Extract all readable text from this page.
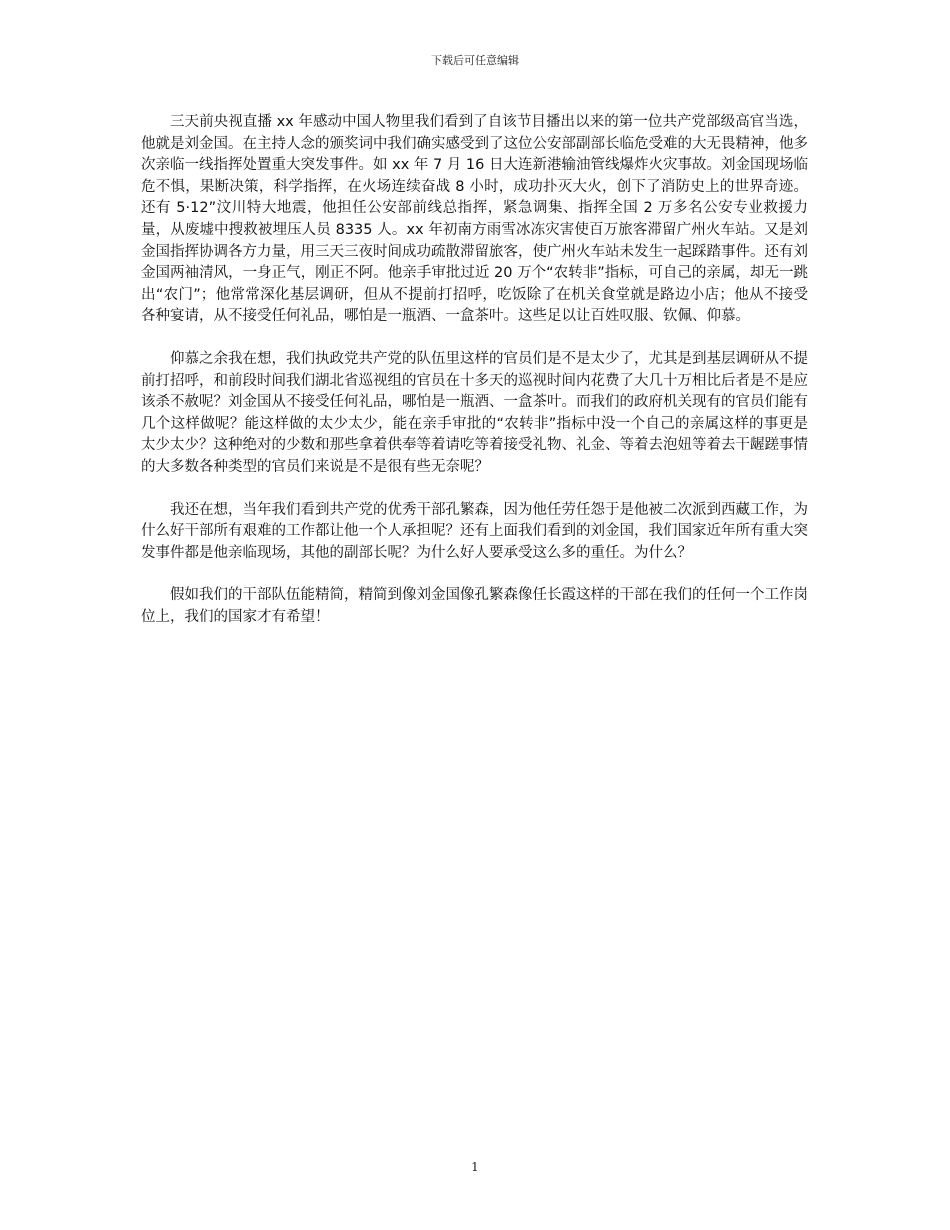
下载后可任意编辑

三天前央视直播 xx 年感动中国人物里我们看到了自该节目播出以来的第一位共产党部级高官当选，他就是刘金国。在主持人念的颁奖词中我们确实感受到了这位公安部副部长临危受难的大无畏精神，他多次亲临一线指挥处置重大突发事件。如 xx 年 7 月 16 日大连新港输油管线爆炸火灾事故。刘金国现场临危不惧，果断决策，科学指挥，在火场连续奋战 8 小时，成功扑灭大火，创下了消防史上的世界奇迹。还有 5·12”汶川特大地震，他担任公安部前线总指挥，紧急调集、指挥全国 2 万多名公安专业救援力量，从废墟中搜救被埋压人员 8335 人。xx 年初南方雨雪冰冻灾害使百万旅客滞留广州火车站。又是刘金国指挥协调各方力量，用三天三夜时间成功疏散滞留旅客，使广州火车站未发生一起踩踏事件。还有刘金国两袖清风，一身正气，刚正不阿。他亲手审批过近 20 万个“农转非”指标，可自己的亲属，却无一跳出“农门”；他常常深化基层调研，但从不提前打招呼，吃饭除了在机关食堂就是路边小店；他从不接受各种宴请，从不接受任何礼品，哪怕是一瓶酒、一盒茶叶。这些足以让百姓叹服、钦佩、仰慕。

仰慕之余我在想，我们执政党共产党的队伍里这样的官员们是不是太少了，尤其是到基层调研从不提前打招呼，和前段时间我们湖北省巡视组的官员在十多天的巡视时间内花费了大几十万相比后者是不是应该杀不赦呢？刘金国从不接受任何礼品，哪怕是一瓶酒、一盒茶叶。而我们的政府机关现有的官员们能有几个这样做呢？能这样做的太少太少，能在亲手审批的“农转非”指标中没一个自己的亲属这样的事更是太少太少？这种绝对的少数和那些拿着供奉等着请吃等着接受礼物、礼金、等着去泡妞等着去干龌蹉事情的大多数各种类型的官员们来说是不是很有些无奈呢？

我还在想，当年我们看到共产党的优秀干部孔繁森，因为他任劳任怨于是他被二次派到西藏工作，为什么好干部所有艰难的工作都让他一个人承担呢？还有上面我们看到的刘金国，我们国家近年所有重大突发事件都是他亲临现场，其他的副部长呢？为什么好人要承受这么多的重任。为什么？

假如我们的干部队伍能精简，精简到像刘金国像孔繁森像任长霞这样的干部在我们的任何一个工作岗位上，我们的国家才有希望！

1
